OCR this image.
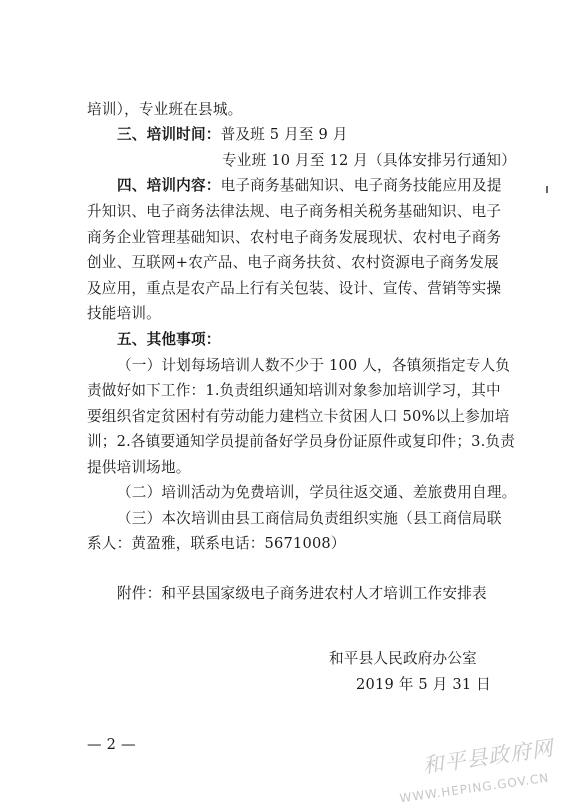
培训），专业班在县城。
三、培训时间：普及班 5 月至 9 月
专业班 10 月至 12 月（具体安排另行通知）
四、培训内容：电子商务基础知识、电子商务技能应用及提
升知识、电子商务法律法规、电子商务相关税务基础知识、电子
商务企业管理基础知识、农村电子商务发展现状、农村电子商务
创业、互联网+农产品、电子商务扶贫、农村资源电子商务发展
及应用，重点是农产品上行有关包装、设计、宣传、营销等实操
技能培训。
五、其他事项：
（一）计划每场培训人数不少于 100 人，各镇须指定专人负
责做好如下工作：1.负责组织通知培训对象参加培训学习，其中
要组织省定贫困村有劳动能力建档立卡贫困人口 50%以上参加培
训；2.各镇要通知学员提前备好学员身份证原件或复印件；3.负责
提供培训场地。
（二）培训活动为免费培训，学员往返交通、差旅费用自理。
（三）本次培训由县工商信局负责组织实施（县工商信局联
系人：黄盈雅，联系电话：5671008）
附件：和平县国家级电子商务进农村人才培训工作安排表
和平县人民政府办公室
2019 年 5 月 31 日
— 2 —	和平县政府网
WWW.HEPING.GOV.CN
